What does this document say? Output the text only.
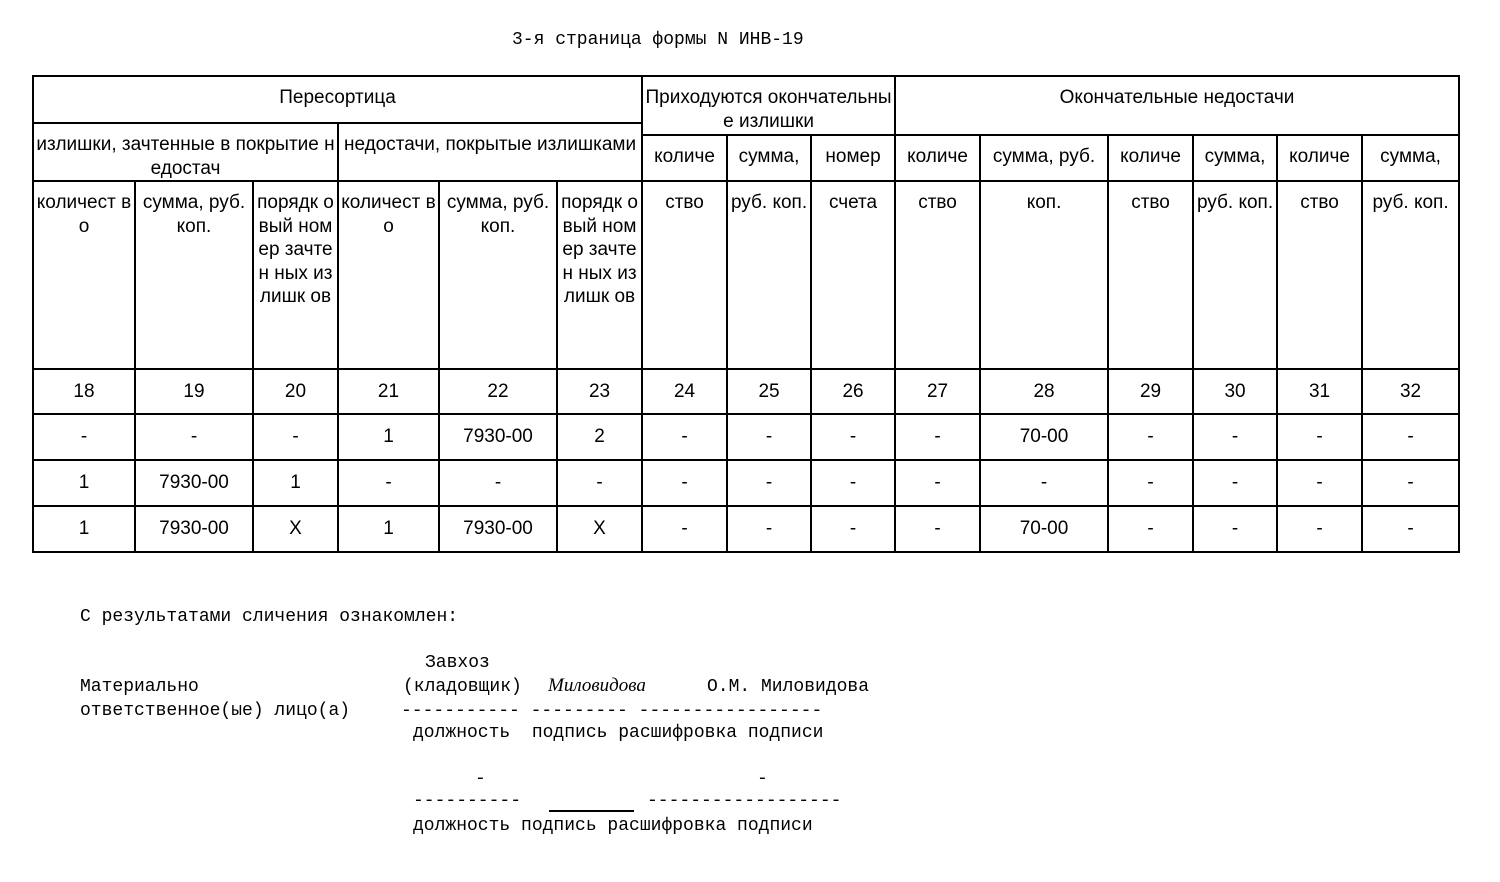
3-я страница формы N ИНВ-19
Пересортица						Приходуются окончательные излишки			Окончательные недостачи					
излишки, зачтенные в покрытие недостач			недостачи, покрытые излишками											
						количе	сумма,	номер	количе	сумма, руб.	количе	сумма,	количе	сумма,
количест во	сумма, руб. коп.	порядк овый номер зачтен ных излишк ов	количест во	сумма, руб. коп.	порядк овый номер зачтен ных излишк ов	ство	руб. коп.	счета	ство	коп.	ство	руб. коп.	ство	руб. коп.
18	19	20	21	22	23	24	25	26	27	28	29	30	31	32
-	-	-	1	7930-00	2	-	-	-	-	70-00	-	-	-	-
1	7930-00	1	-	-	-	-	-	-	-	-	-	-	-	-
1	7930-00	X	1	7930-00	X	-	-	-	-	70-00	-	-	-	-
С результатами сличения ознакомлен:
Завхоз
Материально	(кладовщик) Миловидова	О.М. Миловидова
ответственное(ые) лицо(а)	----------- --------- -----------------
должность  подпись расшифровка подписи
-	-
----------	------------------
должность подпись расшифровка подписи
